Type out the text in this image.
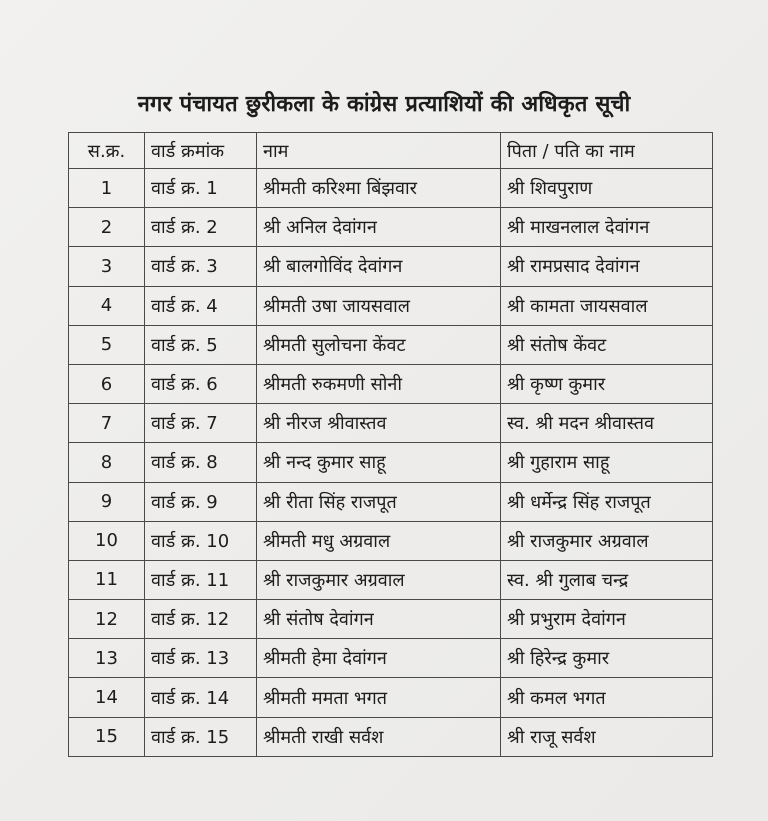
नगर पंचायत छुरीकला के कांग्रेस प्रत्याशियों की अधिकृत सूची
स.क्र.	वार्ड क्रमांक	नाम	पिता / पति का नाम
1	वार्ड क्र. 1	श्रीमती करिश्मा बिंझवार	श्री शिवपुराण
2	वार्ड क्र. 2	श्री अनिल देवांगन	श्री माखनलाल देवांगन
3	वार्ड क्र. 3	श्री बालगोविंद देवांगन	श्री रामप्रसाद देवांगन
4	वार्ड क्र. 4	श्रीमती उषा जायसवाल	श्री कामता जायसवाल
5	वार्ड क्र. 5	श्रीमती सुलोचना केंवट	श्री संतोष केंवट
6	वार्ड क्र. 6	श्रीमती रुकमणी सोनी	श्री कृष्ण कुमार
7	वार्ड क्र. 7	श्री नीरज श्रीवास्तव	स्व. श्री मदन श्रीवास्तव
8	वार्ड क्र. 8	श्री नन्द कुमार साहू	श्री गुहाराम साहू
9	वार्ड क्र. 9	श्री रीता सिंह राजपूत	श्री धर्मेन्द्र सिंह राजपूत
10	वार्ड क्र. 10	श्रीमती मधु अग्रवाल	श्री राजकुमार अग्रवाल
11	वार्ड क्र. 11	श्री राजकुमार अग्रवाल	स्व. श्री गुलाब चन्द्र
12	वार्ड क्र. 12	श्री संतोष देवांगन	श्री प्रभुराम देवांगन
13	वार्ड क्र. 13	श्रीमती हेमा देवांगन	श्री हिरेन्द्र कुमार
14	वार्ड क्र. 14	श्रीमती ममता भगत	श्री कमल भगत
15	वार्ड क्र. 15	श्रीमती राखी सर्वश	श्री राजू सर्वश
